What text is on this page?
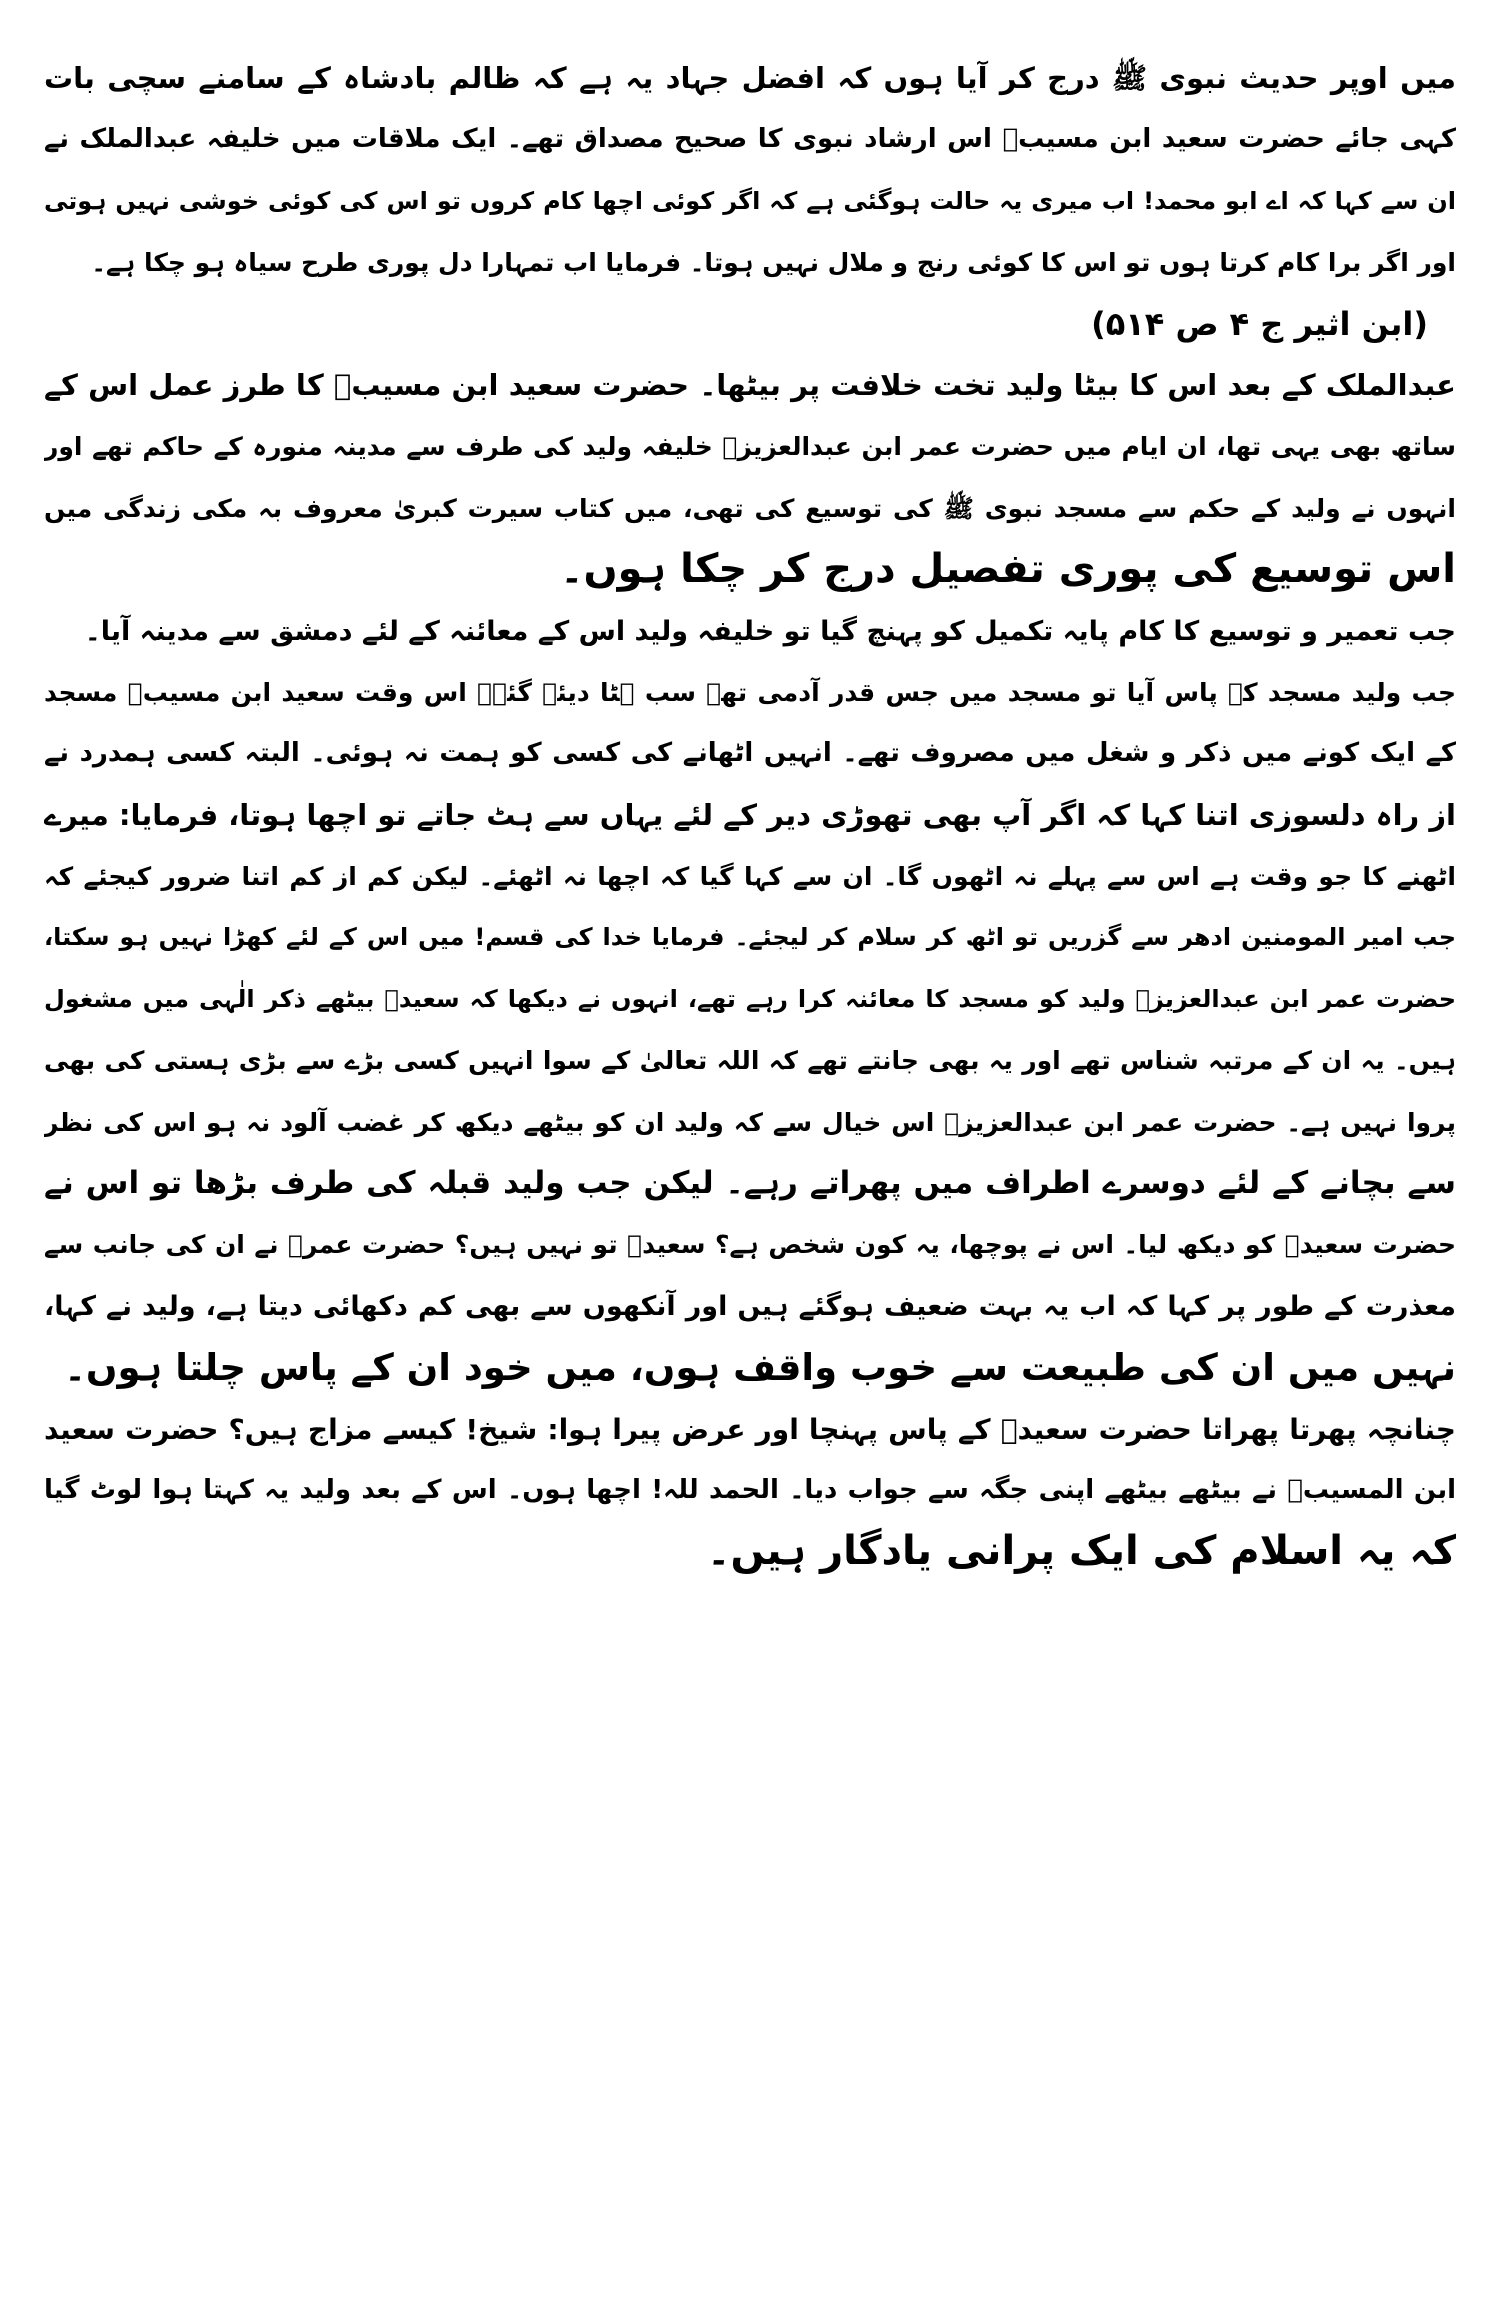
میں اوپر حدیث نبوی ﷺ درج کر آیا ہوں کہ افضل جہاد یہ ہے کہ ظالم بادشاہ کے سامنے سچی بات
کہی جائے حضرت سعید ابن مسیبؒ اس ارشاد نبوی کا صحیح مصداق تھے۔ ایک ملاقات میں خلیفہ عبدالملک نے
ان سے کہا کہ اے ابو محمد! اب میری یہ حالت ہوگئی ہے کہ اگر کوئی اچھا کام کروں تو اس کی کوئی خوشی نہیں ہوتی
اور اگر برا کام کرتا ہوں تو اس کا کوئی رنج و ملال نہیں ہوتا۔ فرمایا اب تمہارا دل پوری طرح سیاہ ہو چکا ہے۔
(ابن اثیر ج ۴ ص ۵۱۴)
عبدالملک کے بعد اس کا بیٹا ولید تخت خلافت پر بیٹھا۔ حضرت سعید ابن مسیبؒ کا طرز عمل اس کے
ساتھ بھی یہی تھا، ان ایام میں حضرت عمر ابن عبدالعزیزؒ خلیفہ ولید کی طرف سے مدینہ منورہ کے حاکم تھے اور
انہوں نے ولید کے حکم سے مسجد نبوی ﷺ کی توسیع کی تھی، میں کتاب سیرت کبریٰ معروف بہ مکی زندگی میں
اس توسیع کی پوری تفصیل درج کر چکا ہوں۔
جب تعمیر و توسیع کا کام پایہ تکمیل کو پہنچ گیا تو خلیفہ ولید اس کے معائنہ کے لئے دمشق سے مدینہ آیا۔
جب ولید مسجد کے پاس آیا تو مسجد میں جس قدر آدمی تھے سب ہٹا دیئے گئے۔ اس وقت سعید ابن مسیبؒ مسجد
کے ایک کونے میں ذکر و شغل میں مصروف تھے۔ انہیں اٹھانے کی کسی کو ہمت نہ ہوئی۔ البتہ کسی ہمدرد نے
از راہ دلسوزی اتنا کہا کہ اگر آپ بھی تھوڑی دیر کے لئے یہاں سے ہٹ جاتے تو اچھا ہوتا، فرمایا: میرے
اٹھنے کا جو وقت ہے اس سے پہلے نہ اٹھوں گا۔ ان سے کہا گیا کہ اچھا نہ اٹھئے۔ لیکن کم از کم اتنا ضرور کیجئے کہ
جب امیر المومنین ادھر سے گزریں تو اٹھ کر سلام کر لیجئے۔ فرمایا خدا کی قسم! میں اس کے لئے کھڑا نہیں ہو سکتا،
حضرت عمر ابن عبدالعزیزؒ ولید کو مسجد کا معائنہ کرا رہے تھے، انہوں نے دیکھا کہ سعیدؒ بیٹھے ذکر الٰہی میں مشغول
ہیں۔ یہ ان کے مرتبہ شناس تھے اور یہ بھی جانتے تھے کہ اللہ تعالیٰ کے سوا انہیں کسی بڑے سے بڑی ہستی کی بھی
پروا نہیں ہے۔ حضرت عمر ابن عبدالعزیزؒ اس خیال سے کہ ولید ان کو بیٹھے دیکھ کر غضب آلود نہ ہو اس کی نظر
سے بچانے کے لئے دوسرے اطراف میں پھراتے رہے۔ لیکن جب ولید قبلہ کی طرف بڑھا تو اس نے
حضرت سعیدؒ کو دیکھ لیا۔ اس نے پوچھا، یہ کون شخص ہے؟ سعیدؒ تو نہیں ہیں؟ حضرت عمرؒ نے ان کی جانب سے
معذرت کے طور پر کہا کہ اب یہ بہت ضعیف ہوگئے ہیں اور آنکھوں سے بھی کم دکھائی دیتا ہے، ولید نے کہا،
نہیں میں ان کی طبیعت سے خوب واقف ہوں، میں خود ان کے پاس چلتا ہوں۔
چنانچہ پھرتا پھراتا حضرت سعیدؒ کے پاس پہنچا اور عرض پیرا ہوا: شیخ! کیسے مزاج ہیں؟ حضرت سعید
ابن المسیبؒ نے بیٹھے بیٹھے اپنی جگہ سے جواب دیا۔ الحمد للہ! اچھا ہوں۔ اس کے بعد ولید یہ کہتا ہوا لوٹ گیا
کہ یہ اسلام کی ایک پرانی یادگار ہیں۔
